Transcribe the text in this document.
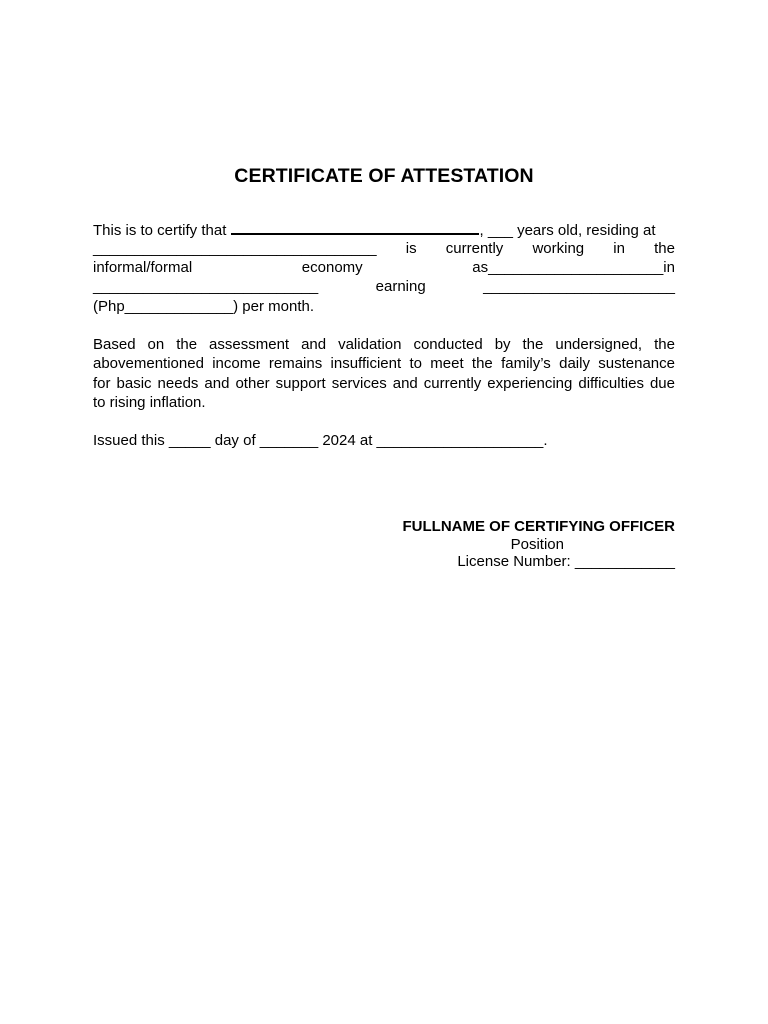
CERTIFICATE OF ATTESTATION
This is to certify that	, ___ years old, residing at
__________________________________ is currently working in the
informal/formal	economy	as_____________________in
___________________________	earning	_______________________
(Php_____________) per month.
Based on the assessment and validation conducted by the undersigned, the
abovementioned income remains insufficient to meet the family’s daily sustenance
for basic needs and other support services and currently experiencing difficulties due
to rising inflation.
Issued this _____ day of _______ 2024 at ____________________.
FULLNAME OF CERTIFYING OFFICER
Position
License Number: ____________
